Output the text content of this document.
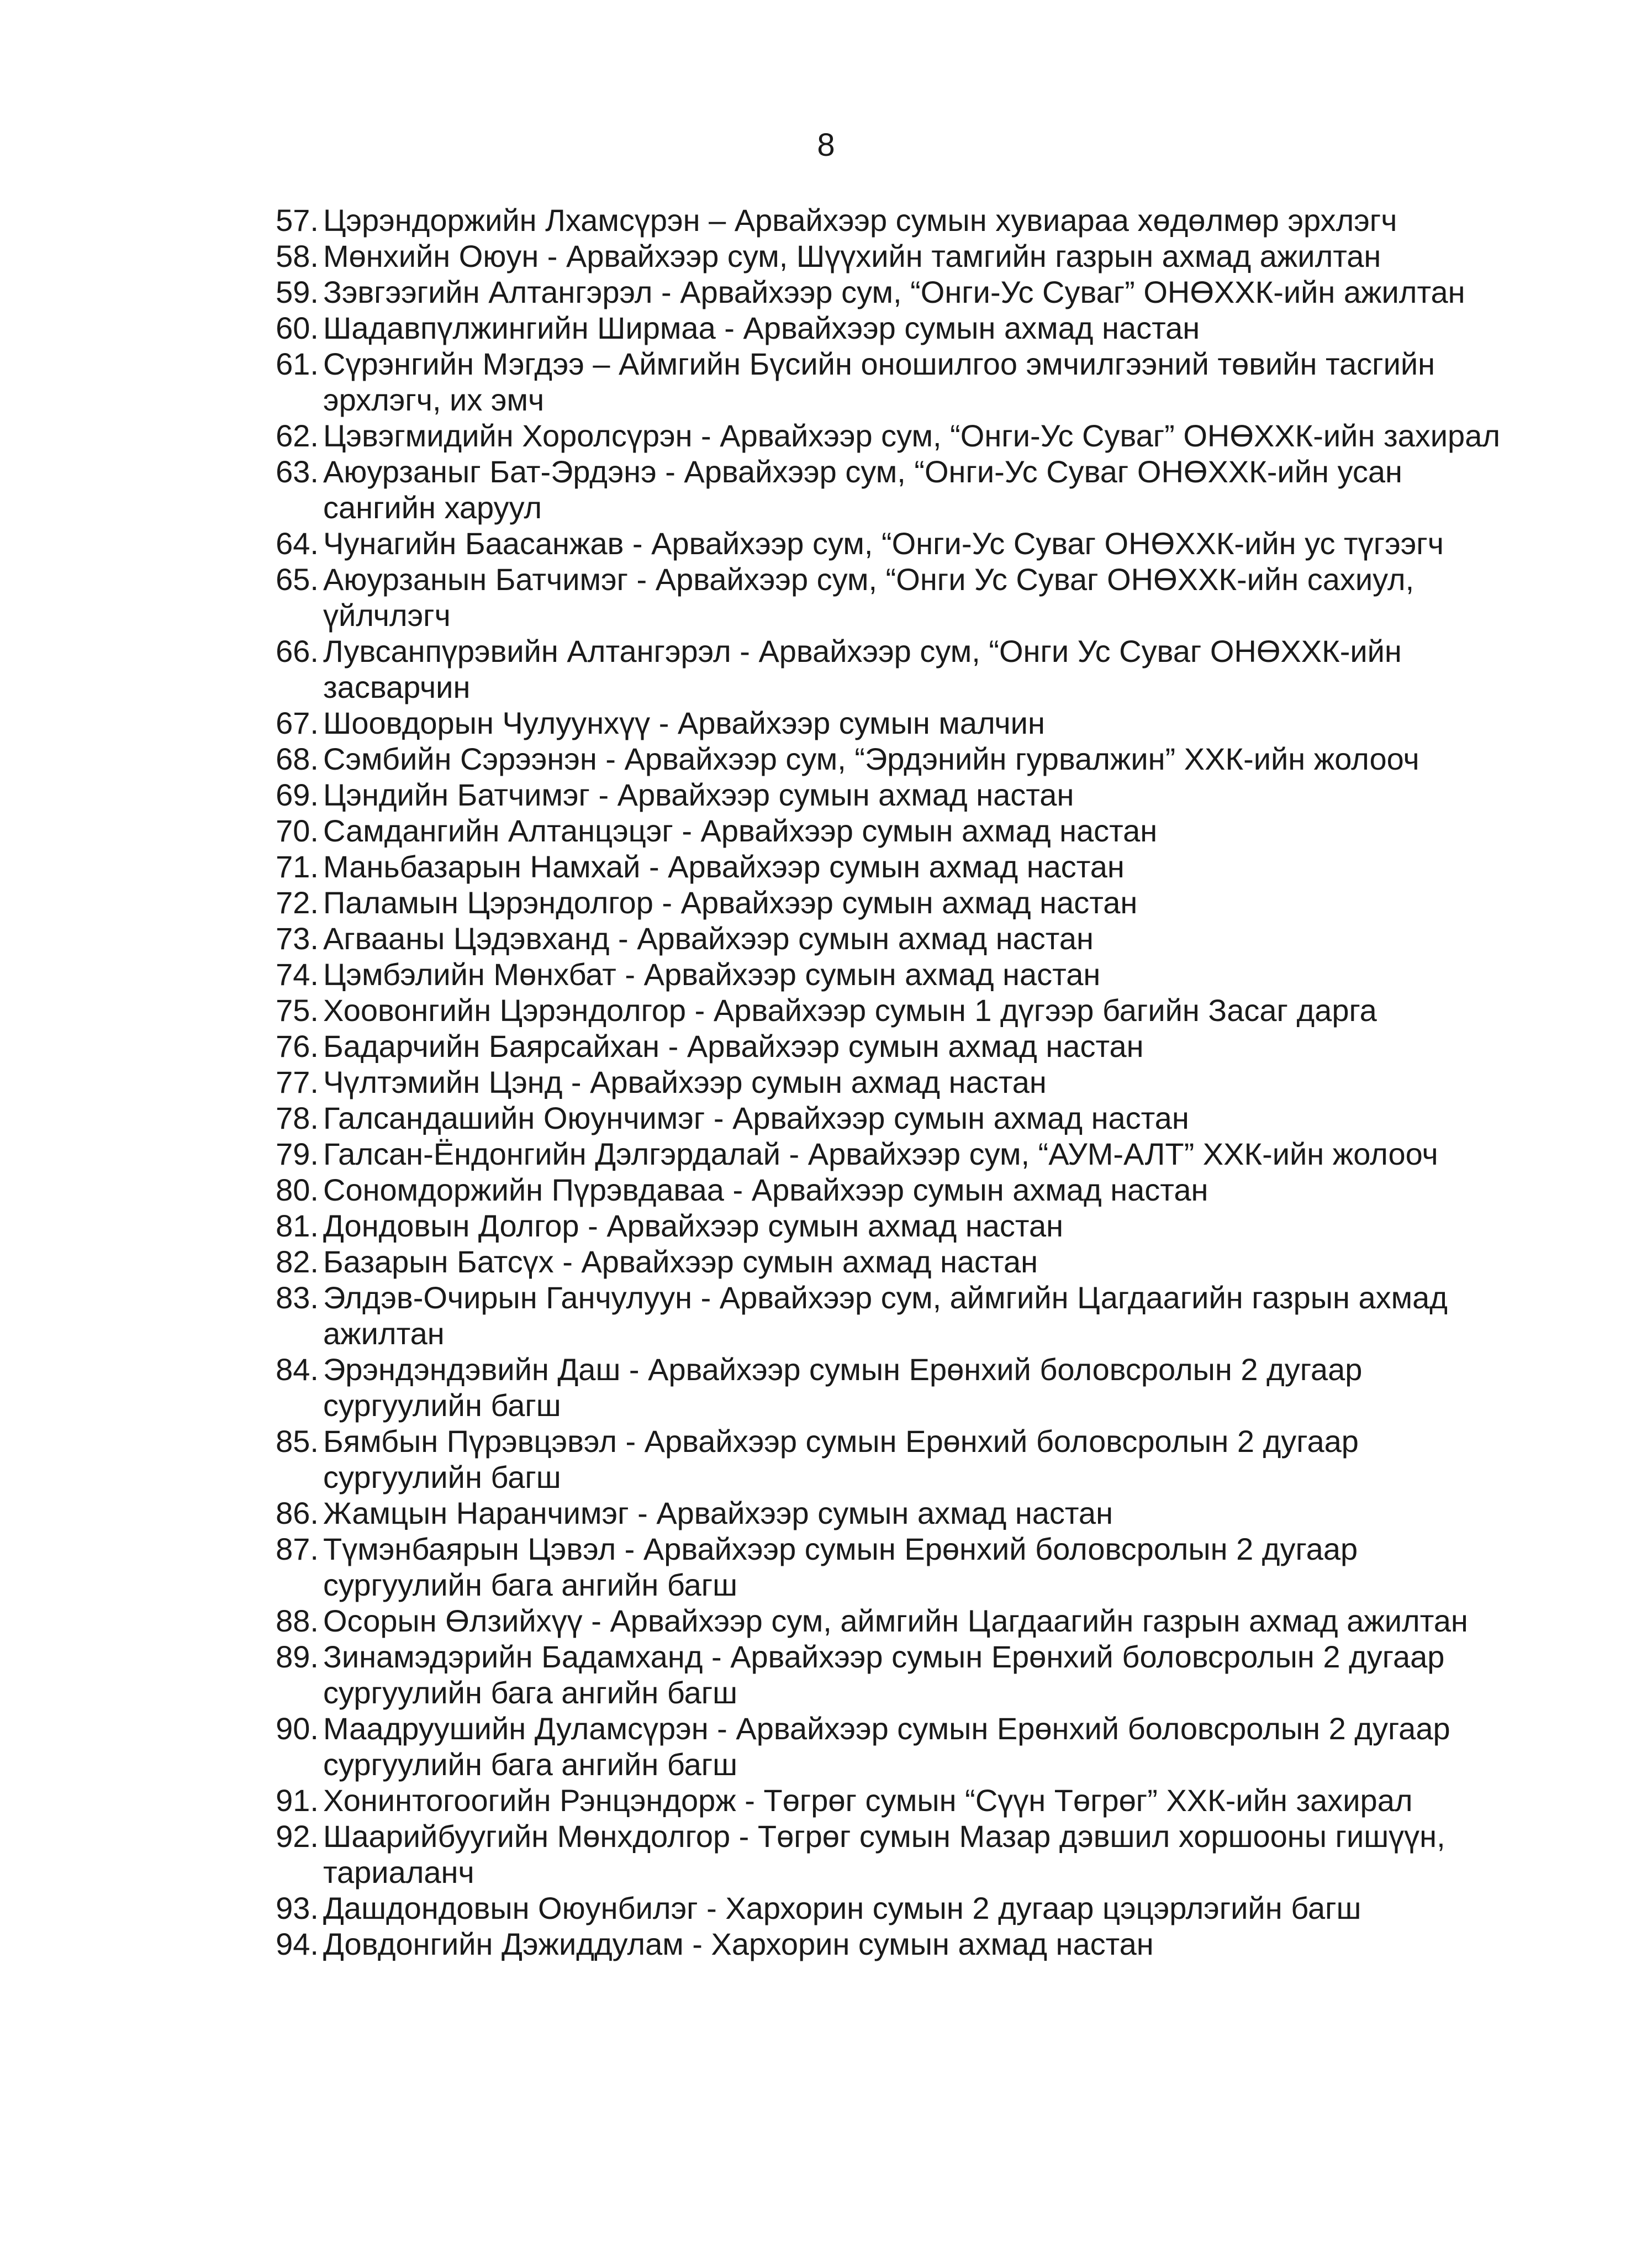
8
57. Цэрэндоржийн Лхамсүрэн – Арвайхээр сумын хувиараа хөдөлмөр эрхлэгч
58. Мөнхийн Оюун - Арвайхээр сум, Шүүхийн тамгийн газрын ахмад ажилтан
59. Зэвгээгийн Алтангэрэл - Арвайхээр сум, “Онги-Ус Суваг” ОНӨХХК-ийн ажилтан
60. Шадавпүлжингийн Ширмаа - Арвайхээр сумын ахмад настан
61. Сүрэнгийн Мэгдээ – Аймгийн Бүсийн оношилгоо эмчилгээний төвийн тасгийн эрхлэгч, их эмч
62. Цэвэгмидийн Хоролсүрэн - Арвайхээр сум, “Онги-Ус Суваг” ОНӨХХК-ийн захирал
63. Аюурзаныг Бат-Эрдэнэ - Арвайхээр сум, “Онги-Ус Суваг ОНӨХХК-ийн усан сангийн харуул
64. Чунагийн Баасанжав - Арвайхээр сум, “Онги-Ус Суваг ОНӨХХК-ийн ус түгээгч
65. Аюурзанын Батчимэг - Арвайхээр сум, “Онги Ус Суваг ОНӨХХК-ийн сахиул, үйлчлэгч
66. Лувсанпүрэвийн Алтангэрэл - Арвайхээр сум, “Онги Ус Суваг ОНӨХХК-ийн засварчин
67. Шоовдорын Чулуунхүү - Арвайхээр сумын малчин
68. Сэмбийн Сэрээнэн - Арвайхээр сум, “Эрдэнийн гурвалжин” ХХК-ийн жолооч
69. Цэндийн Батчимэг - Арвайхээр сумын ахмад настан
70. Самдангийн Алтанцэцэг - Арвайхээр сумын ахмад настан
71. Маньбазарын Намхай - Арвайхээр сумын ахмад настан
72. Паламын Цэрэндолгор - Арвайхээр сумын ахмад настан
73. Агвааны Цэдэвханд - Арвайхээр сумын ахмад настан
74. Цэмбэлийн Мөнхбат - Арвайхээр сумын ахмад настан
75. Хоовонгийн Цэрэндолгор - Арвайхээр сумын 1 дүгээр багийн Засаг дарга
76. Бадарчийн Баярсайхан - Арвайхээр сумын ахмад настан
77. Чүлтэмийн Цэнд - Арвайхээр сумын ахмад настан
78. Галсандашийн Оюунчимэг - Арвайхээр сумын ахмад настан
79. Галсан-Ёндонгийн Дэлгэрдалай - Арвайхээр сум, “АУМ-АЛТ” ХХК-ийн жолооч
80. Сономдоржийн Пүрэвдаваа - Арвайхээр сумын ахмад настан
81. Дондовын Долгор - Арвайхээр сумын ахмад настан
82. Базарын Батсүх - Арвайхээр сумын ахмад настан
83. Элдэв-Очирын Ганчулуун - Арвайхээр сум, аймгийн Цагдаагийн газрын ахмад ажилтан
84. Эрэндэндэвийн Даш - Арвайхээр сумын Ерөнхий боловсролын 2 дугаар сургуулийн багш
85. Бямбын Пүрэвцэвэл - Арвайхээр сумын Ерөнхий боловсролын 2 дугаар сургуулийн багш
86. Жамцын Наранчимэг - Арвайхээр сумын ахмад настан
87. Түмэнбаярын Цэвэл - Арвайхээр сумын Ерөнхий боловсролын 2 дугаар сургуулийн бага ангийн багш
88. Осорын Өлзийхүү - Арвайхээр сум, аймгийн Цагдаагийн газрын ахмад ажилтан
89. Зинамэдэрийн Бадамханд - Арвайхээр сумын Ерөнхий боловсролын 2 дугаар сургуулийн бага ангийн багш
90. Маадруушийн Дуламсүрэн - Арвайхээр сумын Ерөнхий боловсролын 2 дугаар сургуулийн бага ангийн багш
91. Хонинтогоогийн Рэнцэндорж - Төгрөг сумын “Сүүн Төгрөг” ХХК-ийн захирал
92. Шаарийбуугийн Мөнхдолгор - Төгрөг сумын Мазар дэвшил хоршооны гишүүн, тариаланч
93. Дашдондовын Оюунбилэг - Хархорин сумын 2 дугаар цэцэрлэгийн багш
94. Довдонгийн Дэжиддулам - Хархорин сумын ахмад настан
